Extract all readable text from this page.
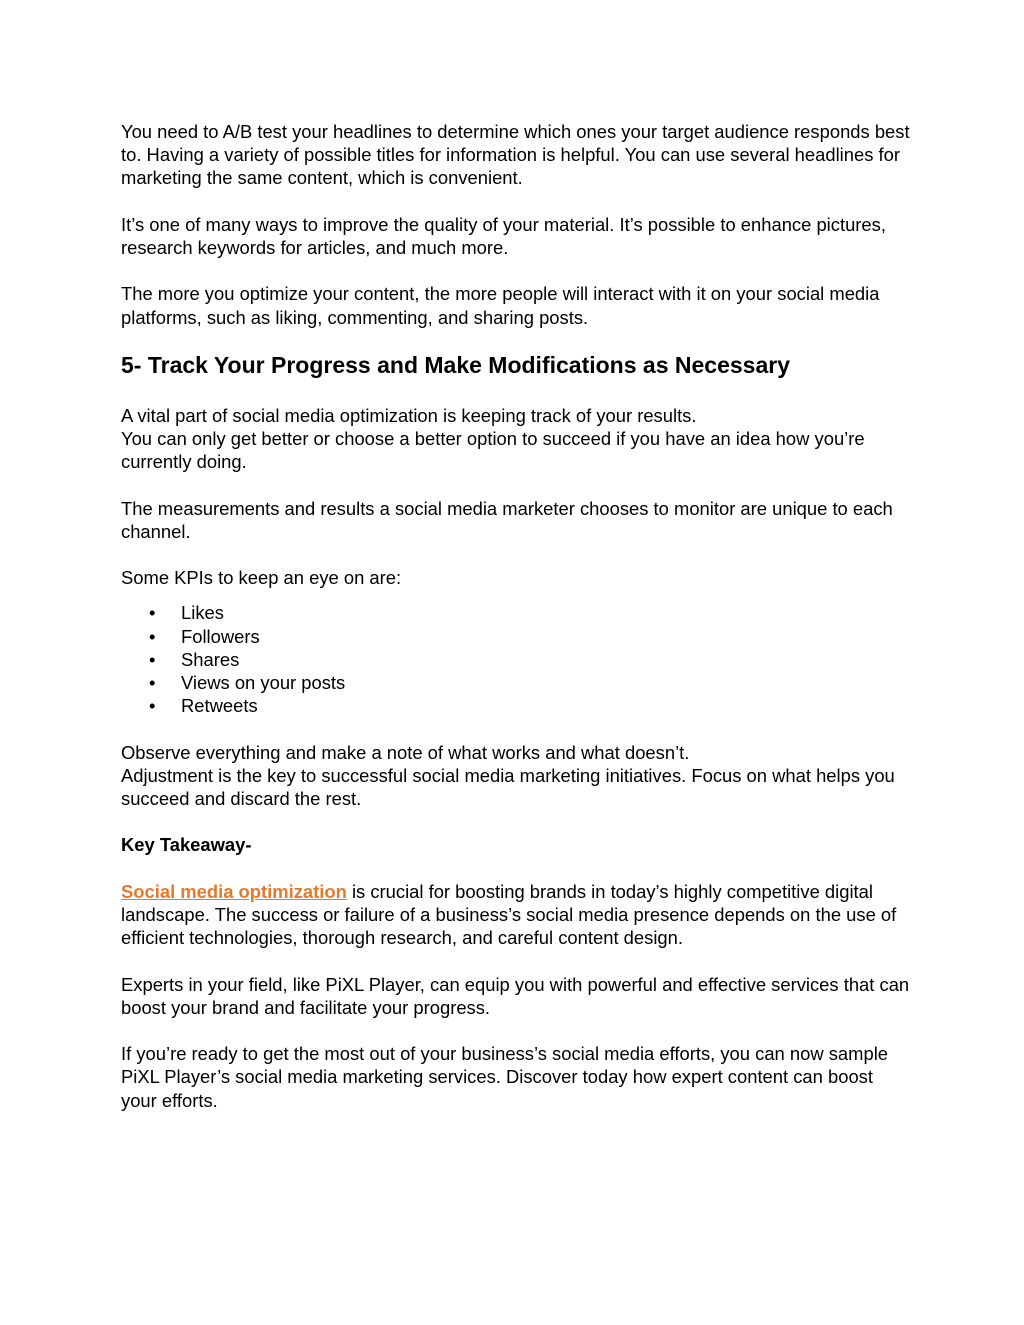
You need to A/B test your headlines to determine which ones your target audience responds best to. Having a variety of possible titles for information is helpful. You can use several headlines for marketing the same content, which is convenient.

It’s one of many ways to improve the quality of your material. It’s possible to enhance pictures, research keywords for articles, and much more.

The more you optimize your content, the more people will interact with it on your social media platforms, such as liking, commenting, and sharing posts.

5- Track Your Progress and Make Modifications as Necessary

A vital part of social media optimization is keeping track of your results.
You can only get better or choose a better option to succeed if you have an idea how you’re currently doing.

The measurements and results a social media marketer chooses to monitor are unique to each channel.

Some KPIs to keep an eye on are:

• Likes
• Followers
• Shares
• Views on your posts
• Retweets

Observe everything and make a note of what works and what doesn’t.
Adjustment is the key to successful social media marketing initiatives. Focus on what helps you succeed and discard the rest.

Key Takeaway-

Social media optimization is crucial for boosting brands in today’s highly competitive digital landscape. The success or failure of a business’s social media presence depends on the use of efficient technologies, thorough research, and careful content design.

Experts in your field, like PiXL Player, can equip you with powerful and effective services that can boost your brand and facilitate your progress.

If you’re ready to get the most out of your business’s social media efforts, you can now sample PiXL Player’s social media marketing services. Discover today how expert content can boost your efforts.
